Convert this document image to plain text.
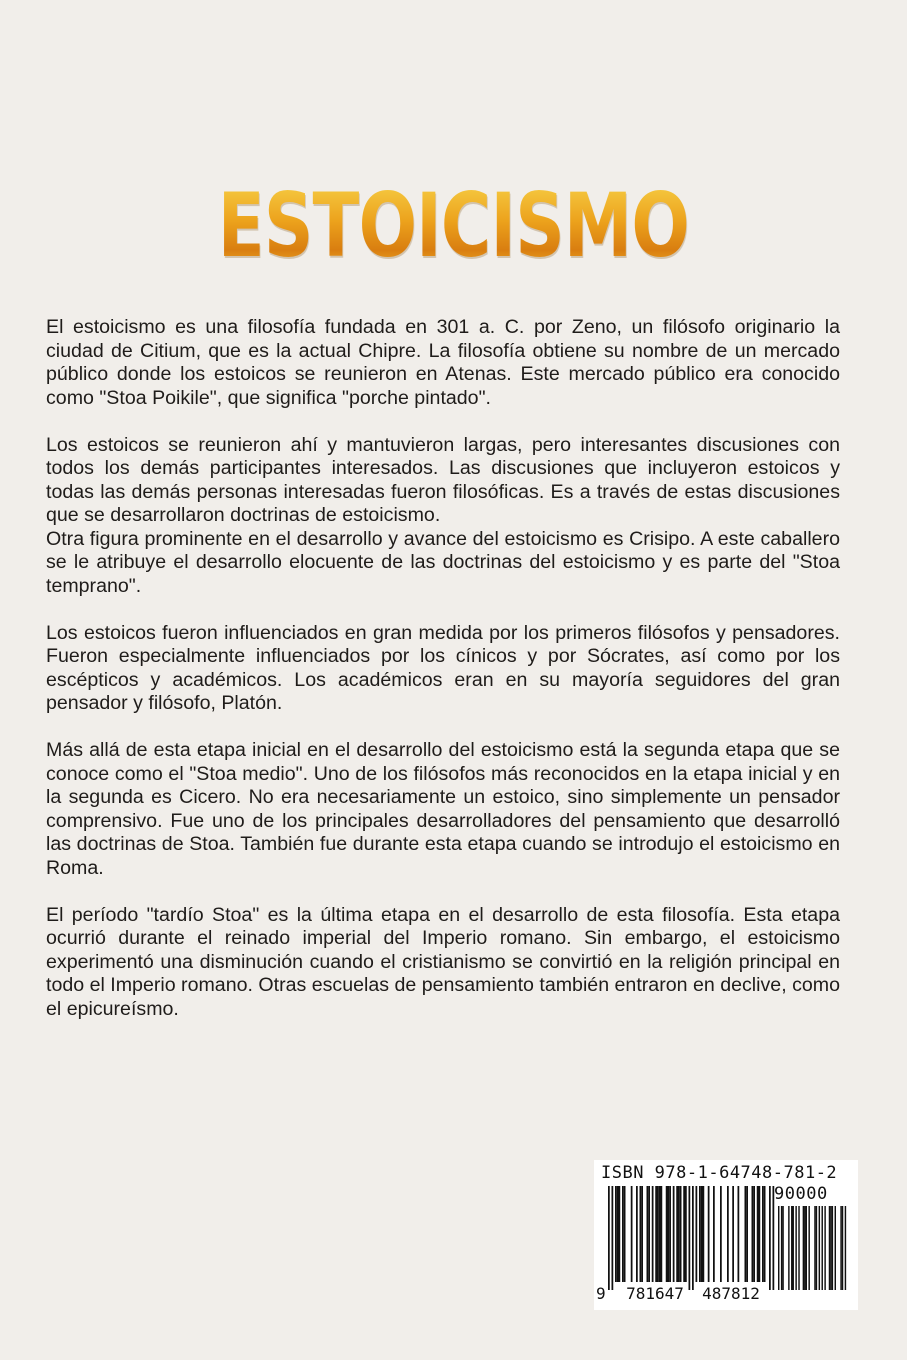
ESTOICISMO

El estoicismo es una filosofía fundada en 301 a. C. por Zeno, un filósofo originario la ciudad de Citium, que es la actual Chipre. La filosofía obtiene su nombre de un mercado público donde los estoicos se reunieron en Atenas. Este mercado público era conocido como "Stoa Poikile", que significa "porche pintado".

Los estoicos se reunieron ahí y mantuvieron largas, pero interesantes discusiones con todos los demás participantes interesados. Las discusiones que incluyeron estoicos y todas las demás personas interesadas fueron filosóficas. Es a través de estas discusiones que se desarrollaron doctrinas de estoicismo.

Otra figura prominente en el desarrollo y avance del estoicismo es Crisipo. A este caballero se le atribuye el desarrollo elocuente de las doctrinas del estoicismo y es parte del "Stoa temprano".

Los estoicos fueron influenciados en gran medida por los primeros filósofos y pensadores. Fueron especialmente influenciados por los cínicos y por Sócrates, así como por los escépticos y académicos. Los académicos eran en su mayoría seguidores del gran pensador y filósofo, Platón.

Más allá de esta etapa inicial en el desarrollo del estoicismo está la segunda etapa que se conoce como el "Stoa medio". Uno de los filósofos más reconocidos en la etapa inicial y en la segunda es Cicero. No era necesariamente un estoico, sino simplemente un pensador comprensivo. Fue uno de los principales desarrolladores del pensamiento que desarrolló las doctrinas de Stoa. También fue durante esta etapa cuando se introdujo el estoicismo en Roma.

El período "tardío Stoa" es la última etapa en el desarrollo de esta filosofía. Esta etapa ocurrió durante el reinado imperial del Imperio romano. Sin embargo, el estoicismo experimentó una disminución cuando el cristianismo se convirtió en la religión principal en todo el Imperio romano. Otras escuelas de pensamiento también entraron en declive, como el epicureísmo.

ISBN 978-1-64748-781-2
90000
9 781647 487812
